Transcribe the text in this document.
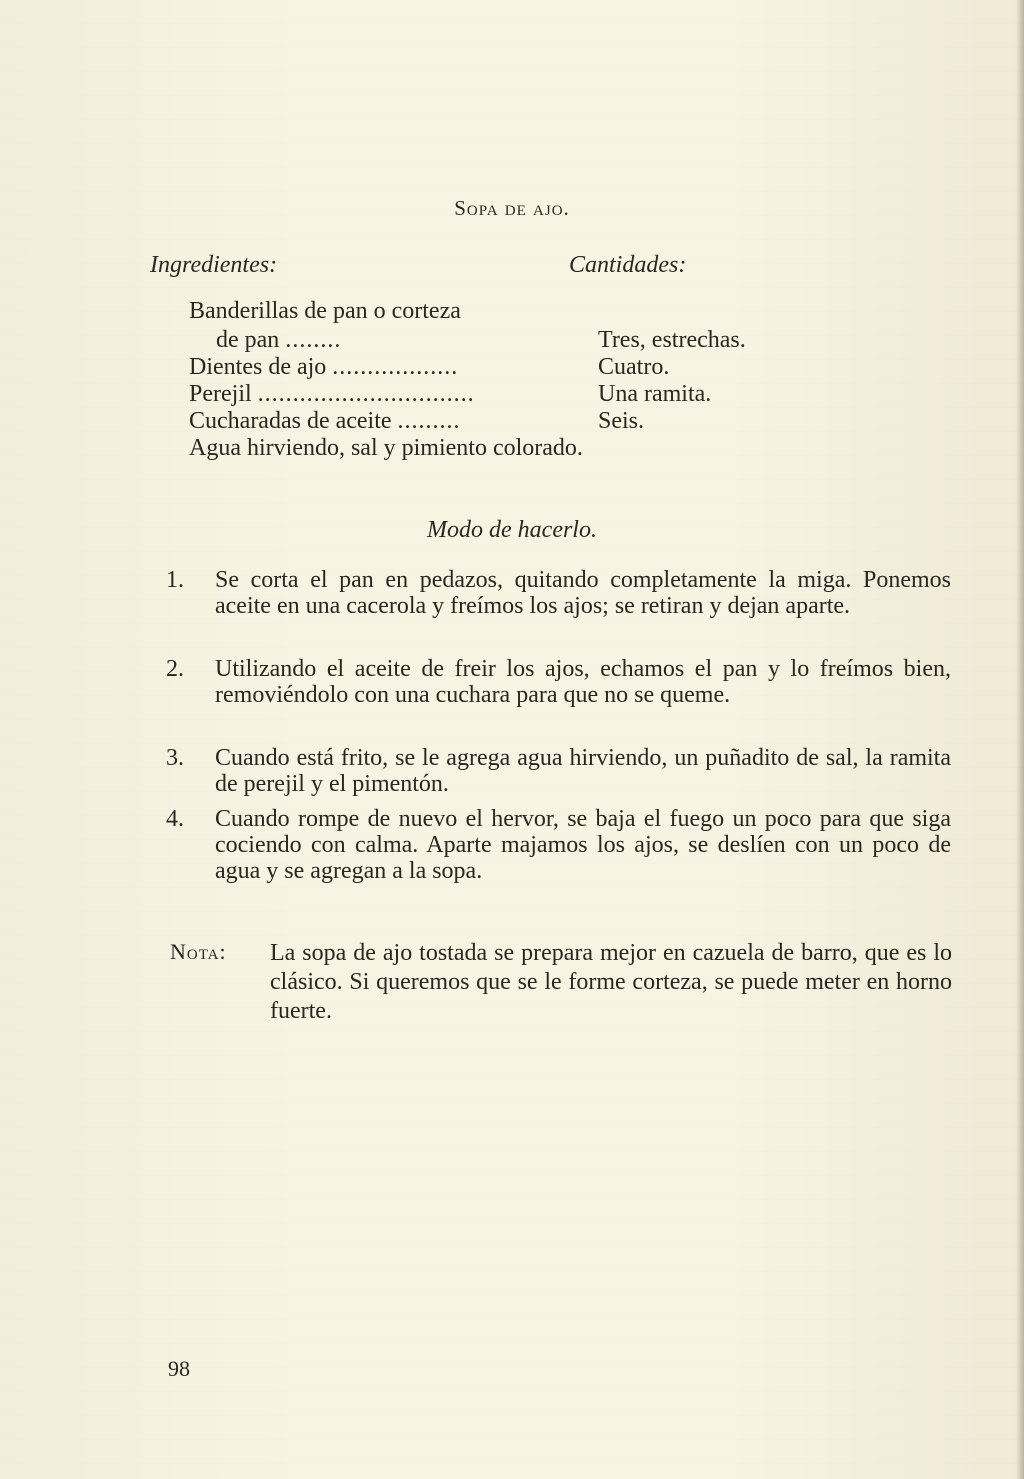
Sopa de ajo.
Ingredientes:	Cantidades:
Banderillas de pan o corteza
de pan ........	Tres, estrechas.
Dientes de ajo ..................	Cuatro.
Perejil ...............................	Una ramita.
Cucharadas de aceite .........	Seis.
Agua hirviendo, sal y pimiento colorado.
Modo de hacerlo.
1. Se corta el pan en pedazos, quitando completamente la miga. Ponemos aceite en una cacerola y freímos los ajos; se retiran y dejan aparte.
2. Utilizando el aceite de freir los ajos, echamos el pan y lo freímos bien, removiéndolo con una cuchara para que no se queme.
3. Cuando está frito, se le agrega agua hirviendo, un puñadito de sal, la ramita de perejil y el pimentón.
4. Cuando rompe de nuevo el hervor, se baja el fuego un poco para que siga cociendo con calma. Aparte majamos los ajos, se deslíen con un poco de agua y se agregan a la sopa.
Nota: La sopa de ajo tostada se prepara mejor en cazuela de barro, que es lo clásico. Si queremos que se le forme corteza, se puede meter en horno fuerte.
98
